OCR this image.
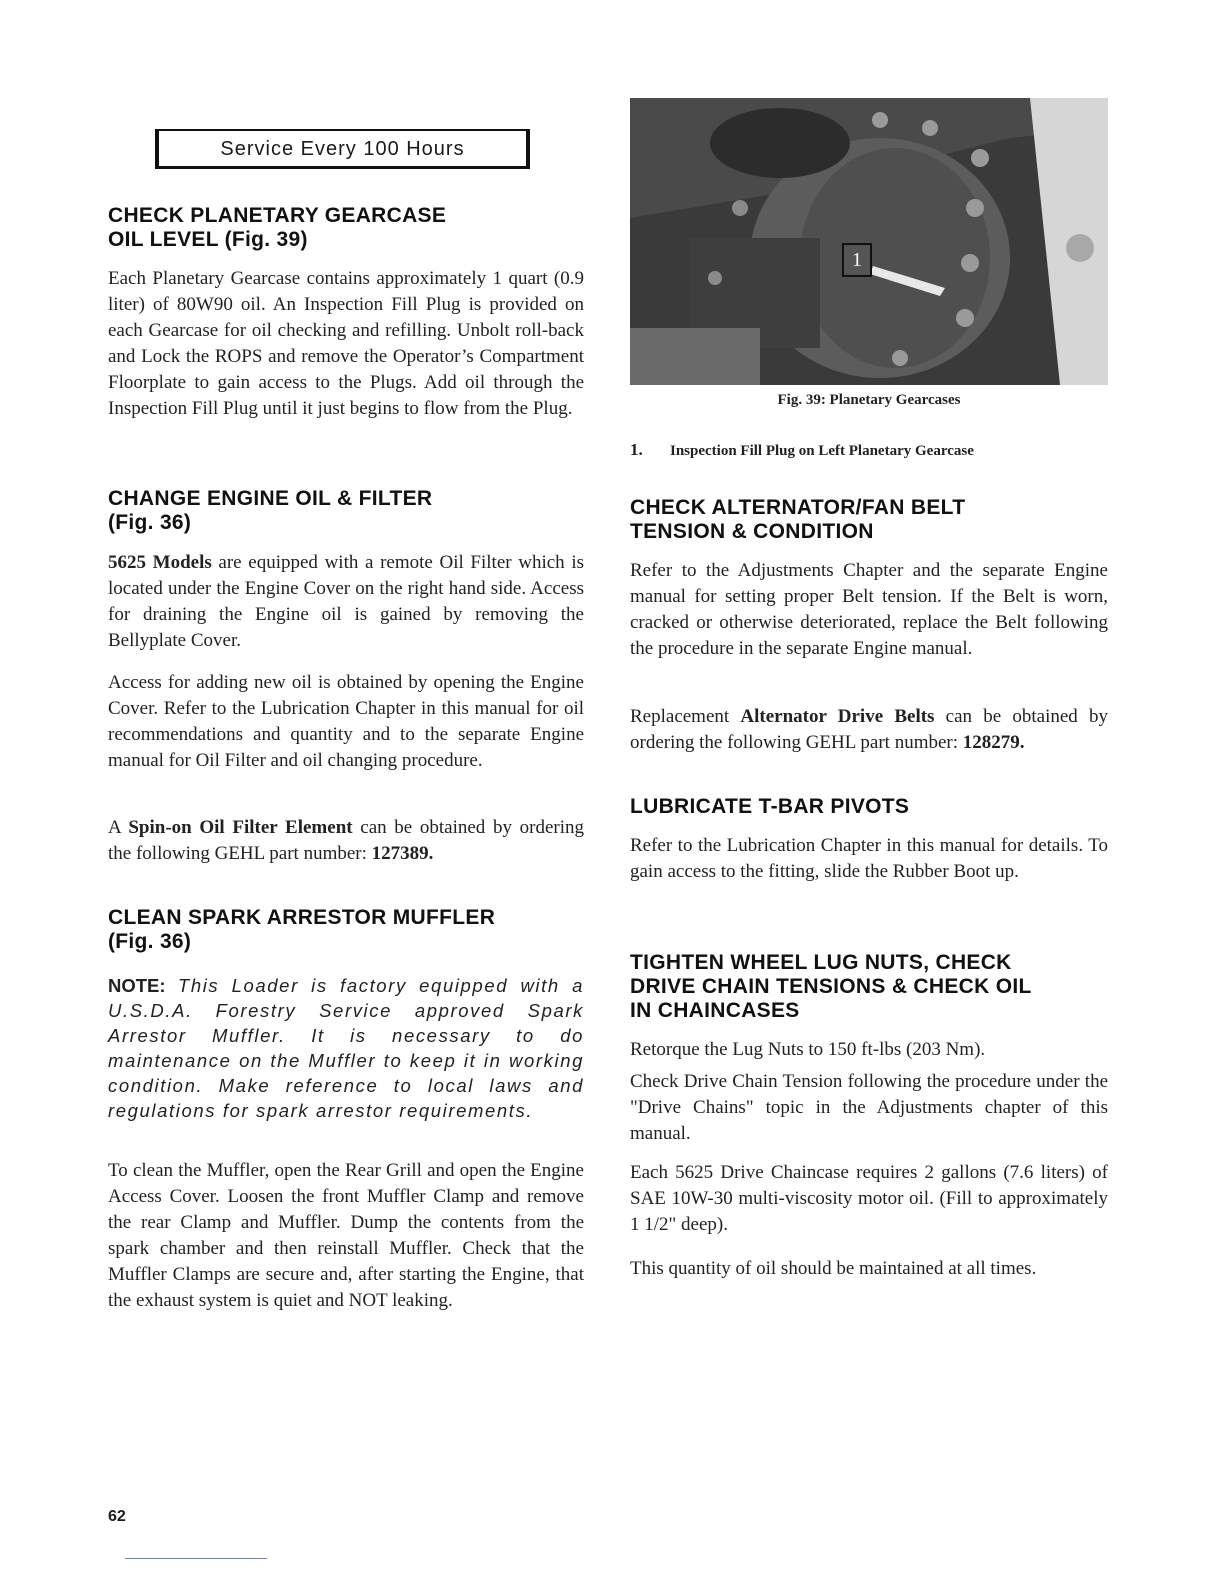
Service Every 100 Hours
CHECK PLANETARY GEARCASE
OIL LEVEL (Fig. 39)

Each Planetary Gearcase contains approximately 1 quart (0.9 liter) of 80W90 oil. An Inspection Fill Plug is provided on each Gearcase for oil checking and refilling. Unbolt roll-back and Lock the ROPS and remove the Operator’s Compartment Floorplate to gain access to the Plugs. Add oil through the Inspection Fill Plug until it just begins to flow from the Plug.

CHANGE ENGINE OIL & FILTER
(Fig. 36)

5625 Models are equipped with a remote Oil Filter which is located under the Engine Cover on the right hand side. Access for draining the Engine oil is gained by removing the Bellyplate Cover.

Access for adding new oil is obtained by opening the Engine Cover. Refer to the Lubrication Chapter in this manual for oil recommendations and quantity and to the separate Engine manual for Oil Filter and oil changing procedure.

A Spin-on Oil Filter Element can be obtained by ordering the following GEHL part number: 127389.

CLEAN SPARK ARRESTOR MUFFLER
(Fig. 36)
NOTE: This Loader is factory equipped with a U.S.D.A. Forestry Service approved Spark Arrestor Muffler. It is necessary to do maintenance on the Muffler to keep it in working condition. Make reference to local laws and regulations for spark arrestor requirements.

To clean the Muffler, open the Rear Grill and open the Engine Access Cover. Loosen the front Muffler Clamp and remove the rear Clamp and Muffler. Dump the contents from the spark chamber and then reinstall Muffler. Check that the Muffler Clamps are secure and, after starting the Engine, that the exhaust system is quiet and NOT leaking.

1
Fig. 39: Planetary Gearcases
1. Inspection Fill Plug on Left Planetary Gearcase
CHECK ALTERNATOR/FAN BELT
TENSION & CONDITION

Refer to the Adjustments Chapter and the separate Engine manual for setting proper Belt tension. If the Belt is worn, cracked or otherwise deteriorated, replace the Belt following the procedure in the separate Engine manual.

Replacement Alternator Drive Belts can be obtained by ordering the following GEHL part number: 128279.

LUBRICATE T-BAR PIVOTS

Refer to the Lubrication Chapter in this manual for details. To gain access to the fitting, slide the Rubber Boot up.

TIGHTEN WHEEL LUG NUTS, CHECK
DRIVE CHAIN TENSIONS & CHECK OIL
IN CHAINCASES

Retorque the Lug Nuts to 150 ft-lbs (203 Nm).

Check Drive Chain Tension following the procedure under the "Drive Chains" topic in the Adjustments chapter of this manual.

Each 5625 Drive Chaincase requires 2 gallons (7.6 liters) of SAE 10W-30 multi-viscosity motor oil. (Fill to approximately 1 1/2" deep).

This quantity of oil should be maintained at all times.

62
